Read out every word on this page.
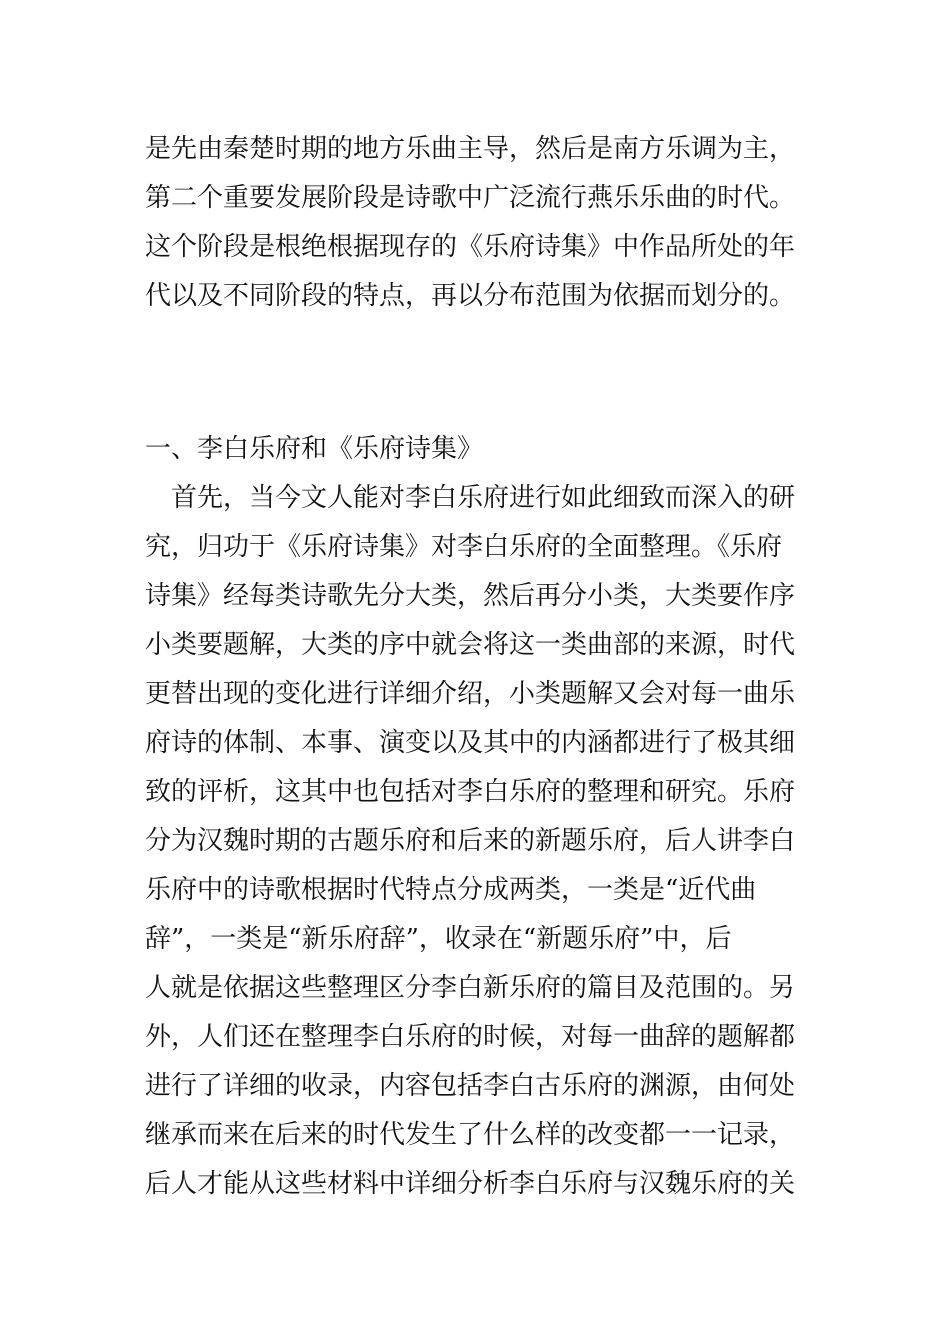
是先由秦楚时期的地方乐曲主导，然后是南方乐调为主，
第二个重要发展阶段是诗歌中广泛流行燕乐乐曲的时代。
这个阶段是根绝根据现存的《乐府诗集》中作品所处的年
代以及不同阶段的特点，再以分布范围为依据而划分的。
一、李白乐府和《乐府诗集》
　首先，当今文人能对李白乐府进行如此细致而深入的研
究，归功于《乐府诗集》对李白乐府的全面整理。《乐府
诗集》经每类诗歌先分大类，然后再分小类，大类要作序
小类要题解，大类的序中就会将这一类曲部的来源，时代
更替出现的变化进行详细介绍，小类题解又会对每一曲乐
府诗的体制、本事、演变以及其中的内涵都进行了极其细
致的评析，这其中也包括对李白乐府的整理和研究。乐府
分为汉魏时期的古题乐府和后来的新题乐府，后人讲李白
乐府中的诗歌根据时代特点分成两类，一类是“近代曲
辞”，一类是“新乐府辞”，收录在“新题乐府”中，后
人就是依据这些整理区分李白新乐府的篇目及范围的。另
外，人们还在整理李白乐府的时候，对每一曲辞的题解都
进行了详细的收录，内容包括李白古乐府的渊源，由何处
继承而来在后来的时代发生了什么样的改变都一一记录，
后人才能从这些材料中详细分析李白乐府与汉魏乐府的关
